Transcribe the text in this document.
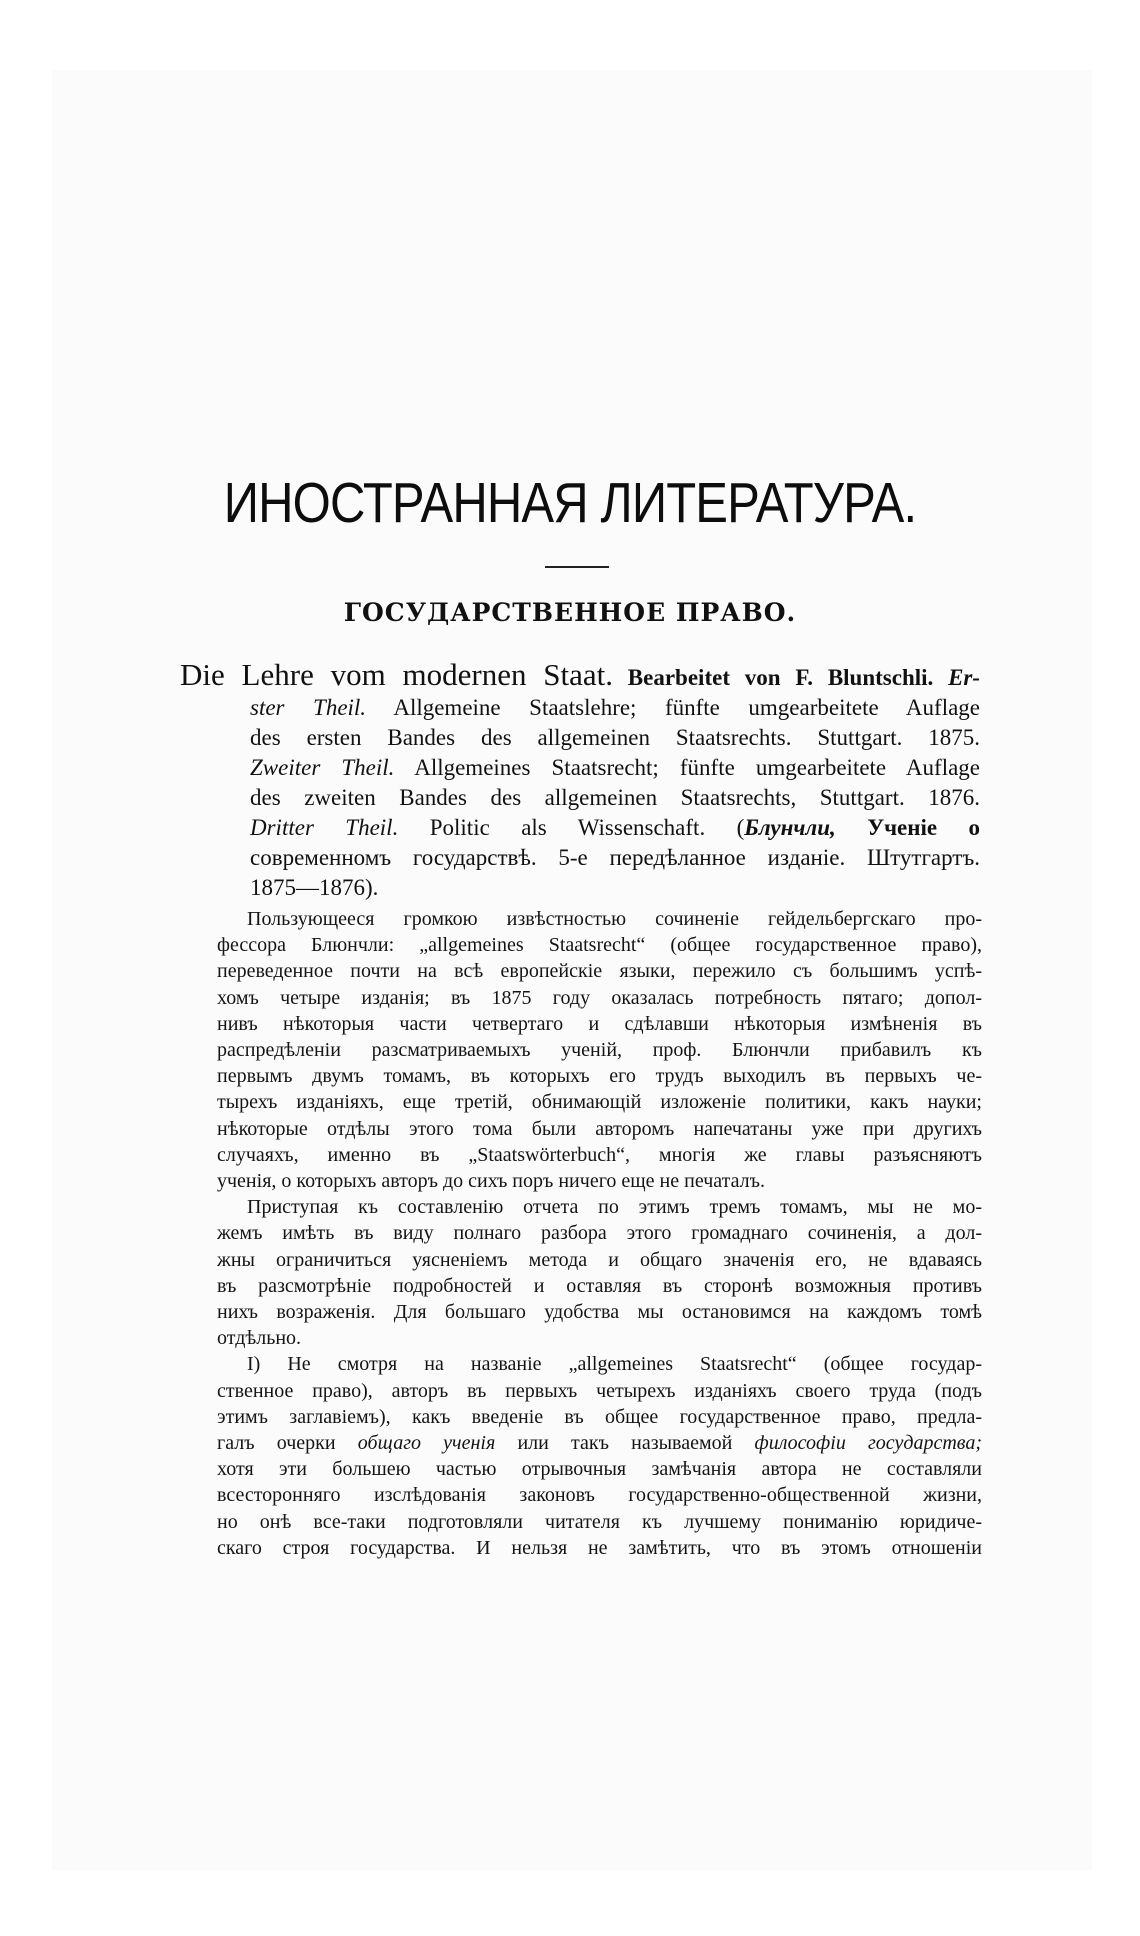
ИНОСТРАННАЯ ЛИТЕРАТУРА.
ГОСУДАРСТВЕННОЕ ПРАВО.
Die Lehre vom modernen Staat. Bearbeitet von F. Bluntschli. Er-
ster Theil. Allgemeine Staatslehre; fünfte umgearbeitete Auflage
des ersten Bandes des allgemeinen Staatsrechts. Stuttgart. 1875.
Zweiter Theil. Allgemeines Staatsrecht; fünfte umgearbeitete Auflage
des zweiten Bandes des allgemeinen Staatsrechts, Stuttgart. 1876.
Dritter Theil. Politic als Wissenschaft. (Блунчли, Ученіе о
современномъ государствѣ. 5-е передѣланное изданіе. Штутгартъ.
1875—1876).
Пользующееся громкою извѣстностью сочиненіе гейдельбергскаго про-
фессора Блюнчли: „allgemeines Staatsrecht“ (общее государственное право),
переведенное почти на всѣ европейскіе языки, пережило съ большимъ успѣ-
хомъ четыре изданія; въ 1875 году оказалась потребность пятаго; допол-
нивъ нѣкоторыя части четвертаго и сдѣлавши нѣкоторыя измѣненія въ
распредѣленіи разсматриваемыхъ ученій, проф. Блюнчли прибавилъ къ
первымъ двумъ томамъ, въ которыхъ его трудъ выходилъ въ первыхъ че-
тырехъ изданіяхъ, еще третій, обнимающій изложеніе политики, какъ науки;
нѣкоторые отдѣлы этого тома были авторомъ напечатаны уже при другихъ
случаяхъ, именно въ „Staatswörterbuch“, многія же главы разъясняютъ
ученія, о которыхъ авторъ до сихъ поръ ничего еще не печаталъ.
Приступая къ составленію отчета по этимъ тремъ томамъ, мы не мо-
жемъ имѣть въ виду полнаго разбора этого громаднаго сочиненія, а дол-
жны ограничиться уясненіемъ метода и общаго значенія его, не вдаваясь
въ разсмотрѣніе подробностей и оставляя въ сторонѣ возможныя противъ
нихъ возраженія. Для большаго удобства мы остановимся на каждомъ томѣ
отдѣльно.
I) Не смотря на названіе „allgemeines Staatsrecht“ (общее государ-
ственное право), авторъ въ первыхъ четырехъ изданіяхъ своего труда (подъ
этимъ заглавіемъ), какъ введеніе въ общее государственное право, предла-
галъ очерки общаго ученія или такъ называемой философіи государства;
хотя эти большею частью отрывочныя замѣчанія автора не составляли
всесторонняго изслѣдованія законовъ государственно-общественной жизни,
но онѣ все-таки подготовляли читателя къ лучшему пониманію юридиче-
скаго строя государства. И нельзя не замѣтить, что въ этомъ отношеніи
